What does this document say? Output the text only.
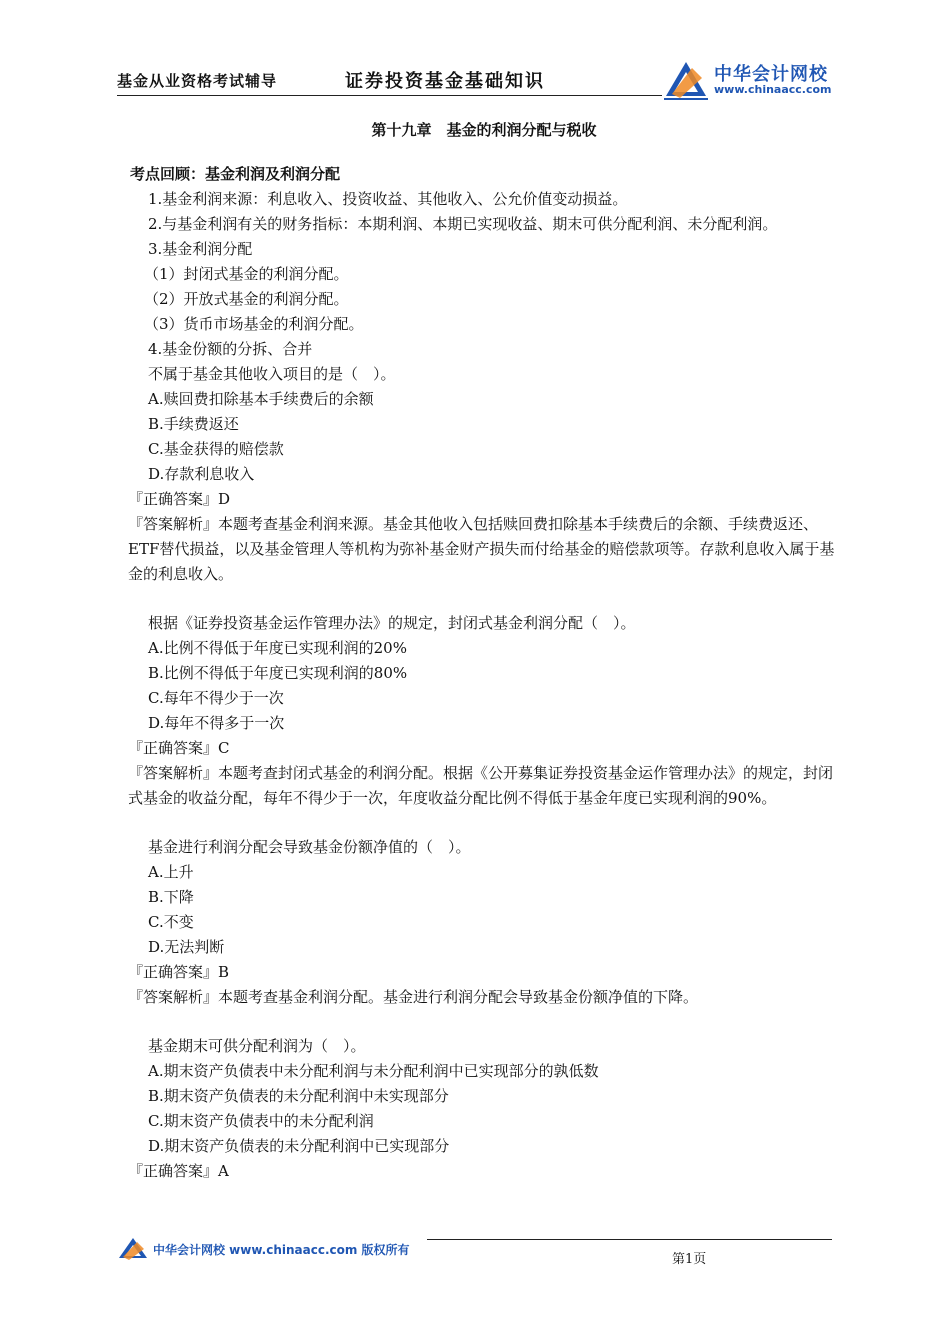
基金从业资格考试辅导	证券投资基金基础知识	中华会计网校
www.chinaacc.com
第十九章　基金的利润分配与税收
考点回顾：基金利润及利润分配
1.基金利润来源：利息收入、投资收益、其他收入、公允价值变动损益。
2.与基金利润有关的财务指标：本期利润、本期已实现收益、期末可供分配利润、未分配利润。
3.基金利润分配
（1）封闭式基金的利润分配。
（2）开放式基金的利润分配。
（3）货币市场基金的利润分配。
4.基金份额的分拆、合并
不属于基金其他收入项目的是（　）。
A.赎回费扣除基本手续费后的余额
B.手续费返还
C.基金获得的赔偿款
D.存款利息收入
『正确答案』D
『答案解析』本题考查基金利润来源。基金其他收入包括赎回费扣除基本手续费后的余额、手续费返还、ETF替代损益，以及基金管理人等机构为弥补基金财产损失而付给基金的赔偿款项等。存款利息收入属于基金的利息收入。
根据《证券投资基金运作管理办法》的规定，封闭式基金利润分配（　）。
A.比例不得低于年度已实现利润的20%
B.比例不得低于年度已实现利润的80%
C.每年不得少于一次
D.每年不得多于一次
『正确答案』C
『答案解析』本题考查封闭式基金的利润分配。根据《公开募集证券投资基金运作管理办法》的规定，封闭式基金的收益分配，每年不得少于一次，年度收益分配比例不得低于基金年度已实现利润的90%。
基金进行利润分配会导致基金份额净值的（　）。
A.上升
B.下降
C.不变
D.无法判断
『正确答案』B
『答案解析』本题考查基金利润分配。基金进行利润分配会导致基金份额净值的下降。
基金期末可供分配利润为（　）。
A.期末资产负债表中未分配利润与未分配利润中已实现部分的孰低数
B.期末资产负债表的未分配利润中未实现部分
C.期末资产负债表中的未分配利润
D.期末资产负债表的未分配利润中已实现部分
『正确答案』A
中华会计网校 www.chinaacc.com 版权所有
第1页
